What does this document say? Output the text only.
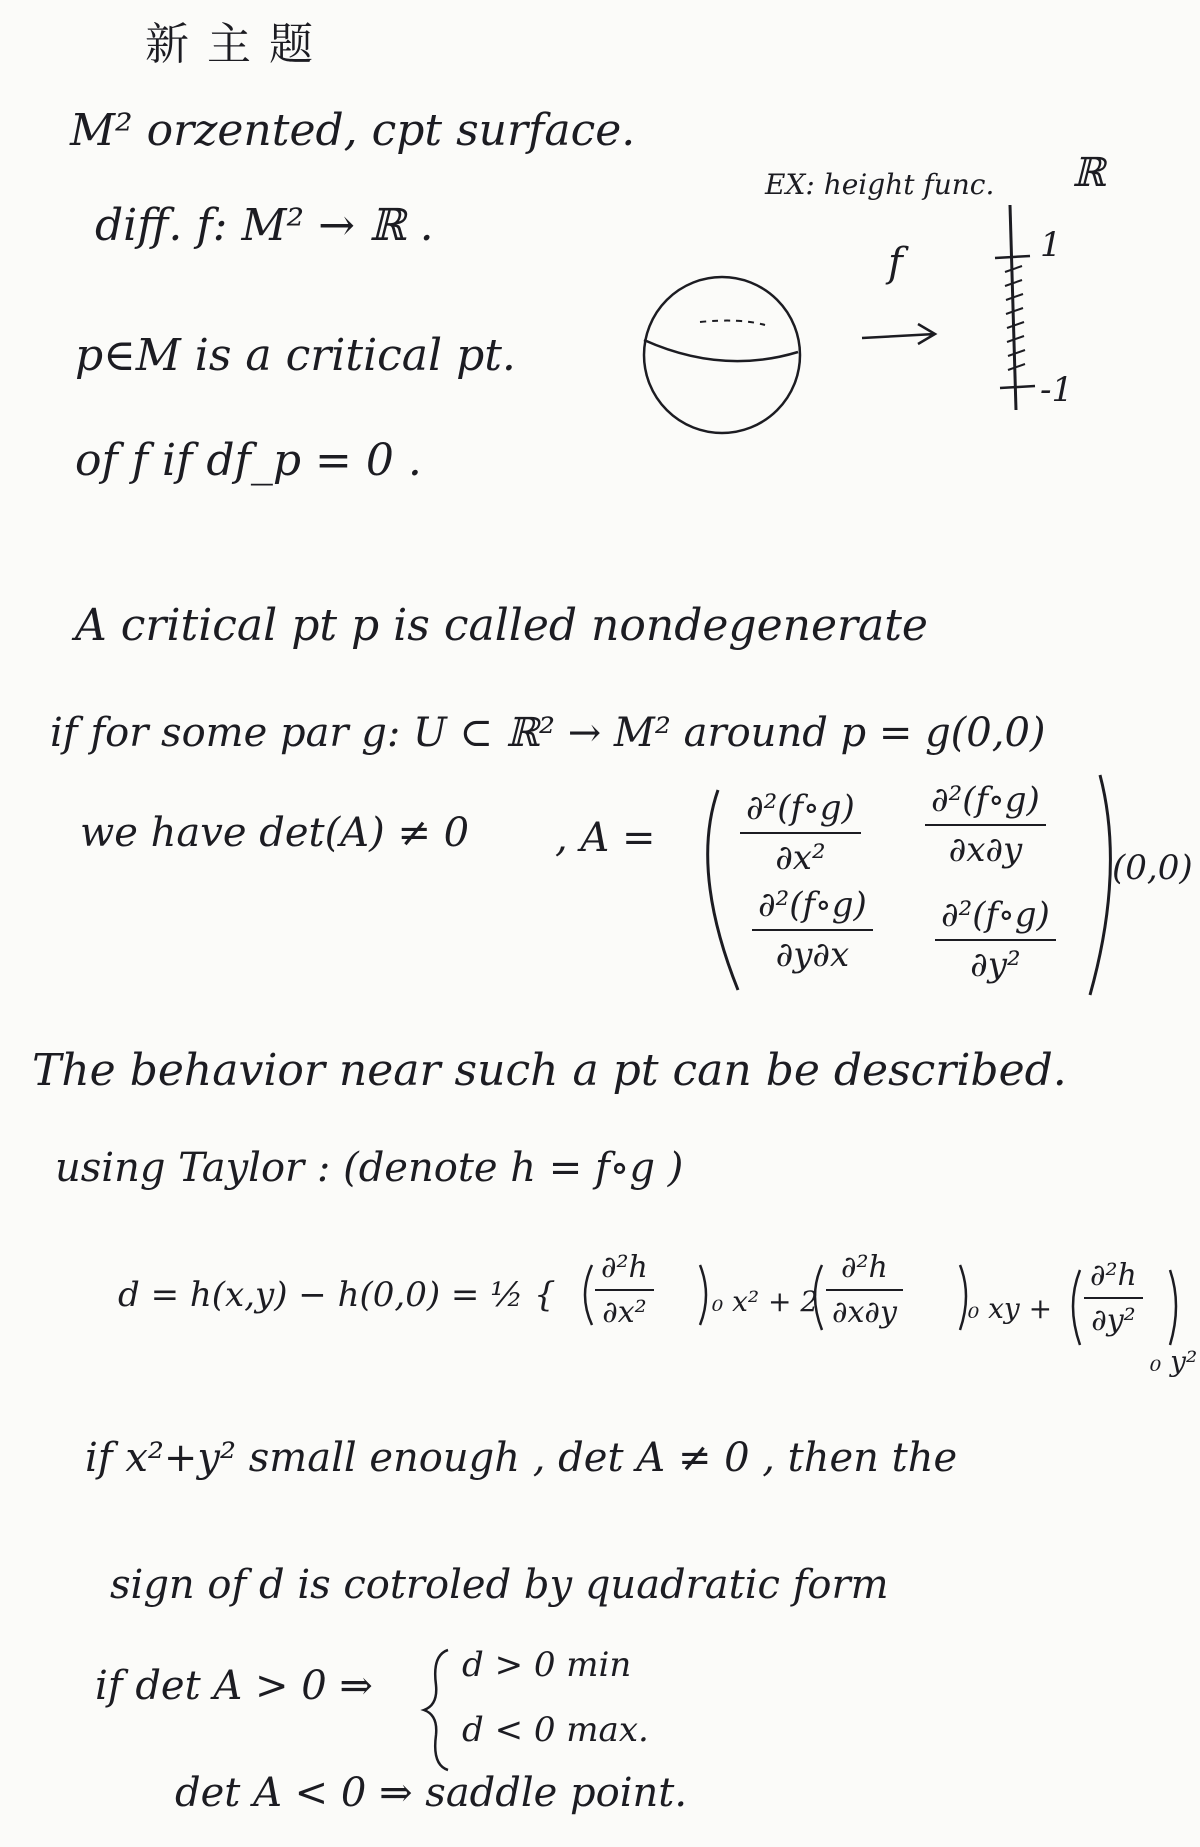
新主题
M² orzented, cpt surface.
diff. f: M² → ℝ .
p∈M is a critical pt.
of f if df_p = 0 .
EX: height func.
f
ℝ
1
-1
A critical pt p is called nondegenerate
if for some par g: U ⊂ ℝ² → M² around p = g(0,0)
we have det(A) ≠ 0 , A =
∂²(f∘g)
∂x²
∂²(f∘g)
∂x∂y
∂²(f∘g)
∂y∂x
∂²(f∘g)
∂y²
(0,0)
The behavior near such a pt can be described.
using Taylor : (denote h = f∘g )
d = h(x,y) − h(0,0) = ½ {
∂²h
∂x² ₀ x² + 2
∂²h
∂x∂y	₀ xy +
∂²h
∂y²
₀ y²
if x²+y² small enough , det A ≠ 0 , then the
sign of d is cotroled by quadratic form
if det A > 0 ⇒	d > 0 min
d < 0 max.
det A < 0 ⇒ saddle point.
